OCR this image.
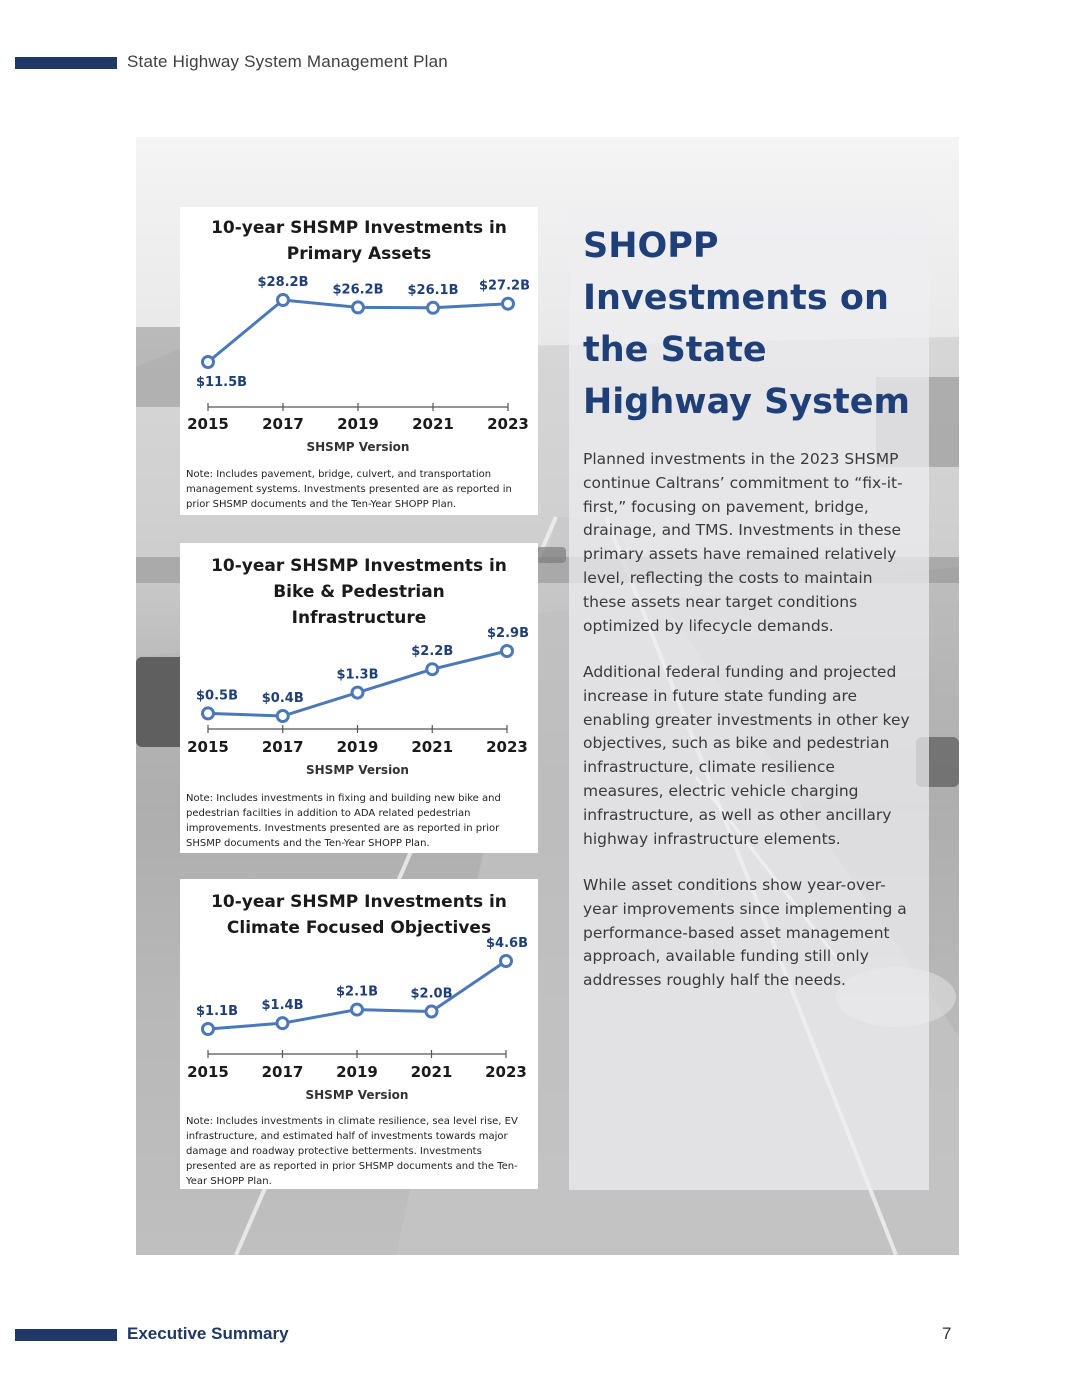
State Highway System Management Plan
10-year SHSMP Investments in Primary Assets
2015 2017 2019 2021 2023
SHSMP Version
$11.5B
$28.2B $26.2B $26.1B $27.2B
Note: Includes pavement, bridge, culvert, and transportation management systems. Investments presented are as reported in prior SHSMP documents and the Ten-Year SHOPP Plan.
10-year SHSMP Investments in Bike & Pedestrian Infrastructure
2015 2017 2019 2021 2023
SHSMP Version
$0.5B $0.4B
$1.3B
$2.2B
$2.9B
Note: Includes investments in fixing and building new bike and pedestrian facilties in addition to ADA related pedestrian improvements. Investments presented are as reported in prior SHSMP documents and the Ten-Year SHOPP Plan.
10-year SHSMP Investments in Climate Focused Objectives
2015 2017 2019 2021 2023
SHSMP Version
$1.1B $1.4B
$2.1B	$2.0B
$4.6B
Note: Includes investments in climate resilience, sea level rise, EV infrastructure, and estimated half of investments towards major damage and roadway protective betterments. Investments presented are as reported in prior SHSMP documents and the Ten-Year SHOPP Plan.
SHOPP Investments on the State Highway System
Planned investments in the 2023 SHSMP continue Caltrans’ commitment to “fix-it-first,” focusing on pavement, bridge, drainage, and TMS. Investments in these primary assets have remained relatively level, reflecting the costs to maintain these assets near target conditions optimized by lifecycle demands.
Additional federal funding and projected increase in future state funding are enabling greater investments in other key objectives, such as bike and pedestrian infrastructure, climate resilience measures, electric vehicle charging infrastructure, as well as other ancillary highway infrastructure elements.
While asset conditions show year-over-year improvements since implementing a performance-based asset management approach, available funding still only addresses roughly half the needs.
Executive Summary	7
